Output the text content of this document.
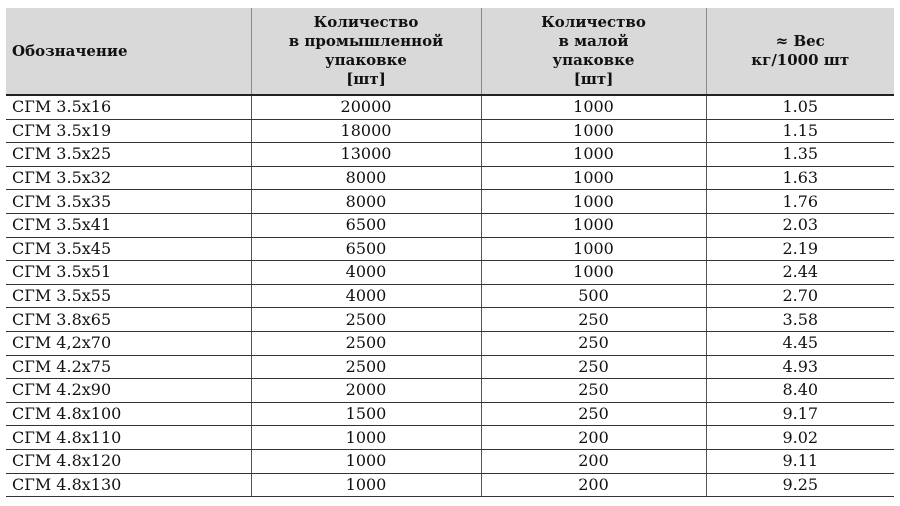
Обозначение	Количество
в промышленной
упаковке
[шт]	Количество
в малой
упаковке
[шт]	≈ Вес
кг/1000 шт
СГМ 3.5х16	20000	1000	1.05
СГМ 3.5х19	18000	1000	1.15
СГМ 3.5х25	13000	1000	1.35
СГМ 3.5х32	8000	1000	1.63
СГМ 3.5х35	8000	1000	1.76
СГМ 3.5х41	6500	1000	2.03
СГМ 3.5х45	6500	1000	2.19
СГМ 3.5х51	4000	1000	2.44
СГМ 3.5х55	4000	500	2.70
СГМ 3.8х65	2500	250	3.58
СГМ 4,2х70	2500	250	4.45
СГМ 4.2х75	2500	250	4.93
СГМ 4.2х90	2000	250	8.40
СГМ 4.8х100	1500	250	9.17
СГМ 4.8х110	1000	200	9.02
СГМ 4.8х120	1000	200	9.11
СГМ 4.8х130	1000	200	9.25
